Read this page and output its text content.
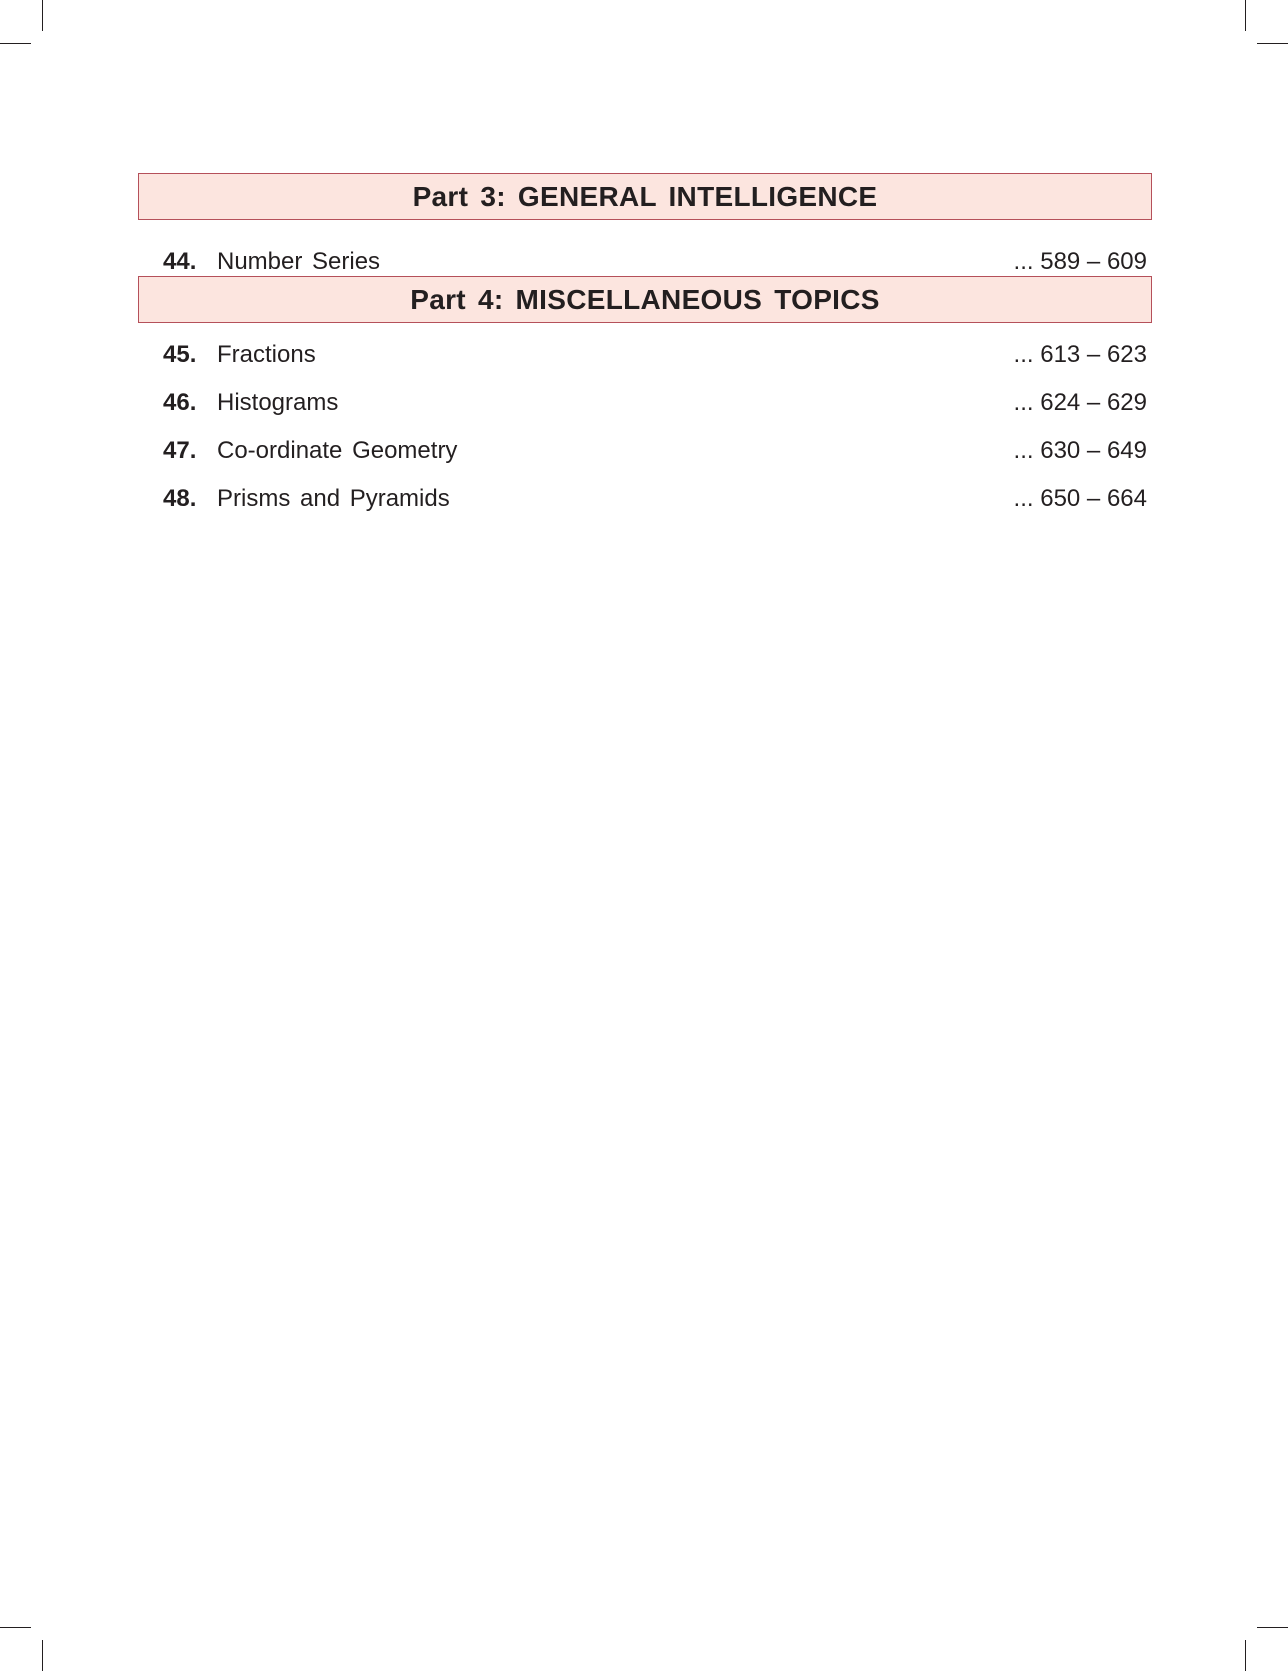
Part 3: GENERAL INTELLIGENCE
44. Number Series	... 589 – 609
Part 4: MISCELLANEOUS TOPICS
45. Fractions	... 613 – 623
46. Histograms	... 624 – 629
47. Co-ordinate Geometry	... 630 – 649
48. Prisms and Pyramids	... 650 – 664
